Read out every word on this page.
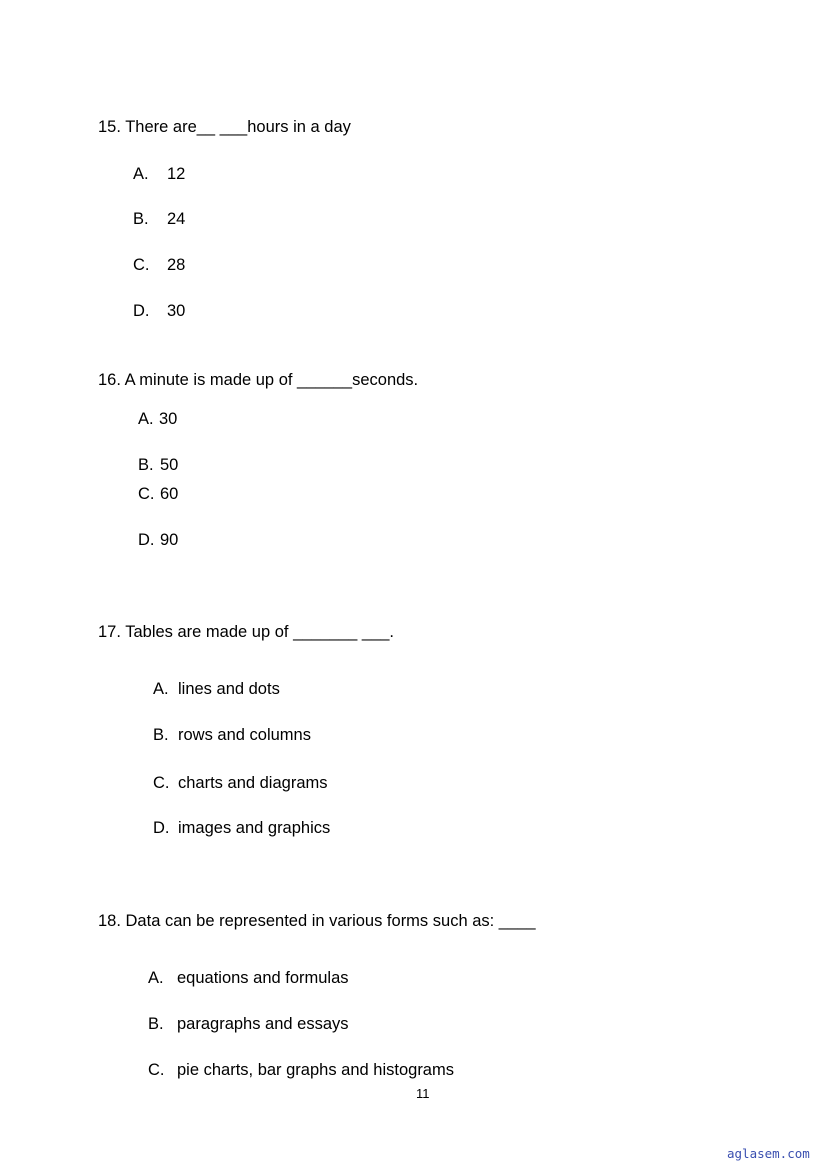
15. There are__ ___hours in a day
A. 12
B. 24
C. 28
D. 30
16. A minute is made up of ______seconds.
A. 30
B. 50
C. 60
D. 90
17. Tables are made up of _______ ___.
A. lines and dots
B. rows and columns
C. charts and diagrams
D. images and graphics
18. Data can be represented in various forms such as: ____
A. equations and formulas
B. paragraphs and essays
C. pie charts, bar graphs and histograms
11
aglasem.com
